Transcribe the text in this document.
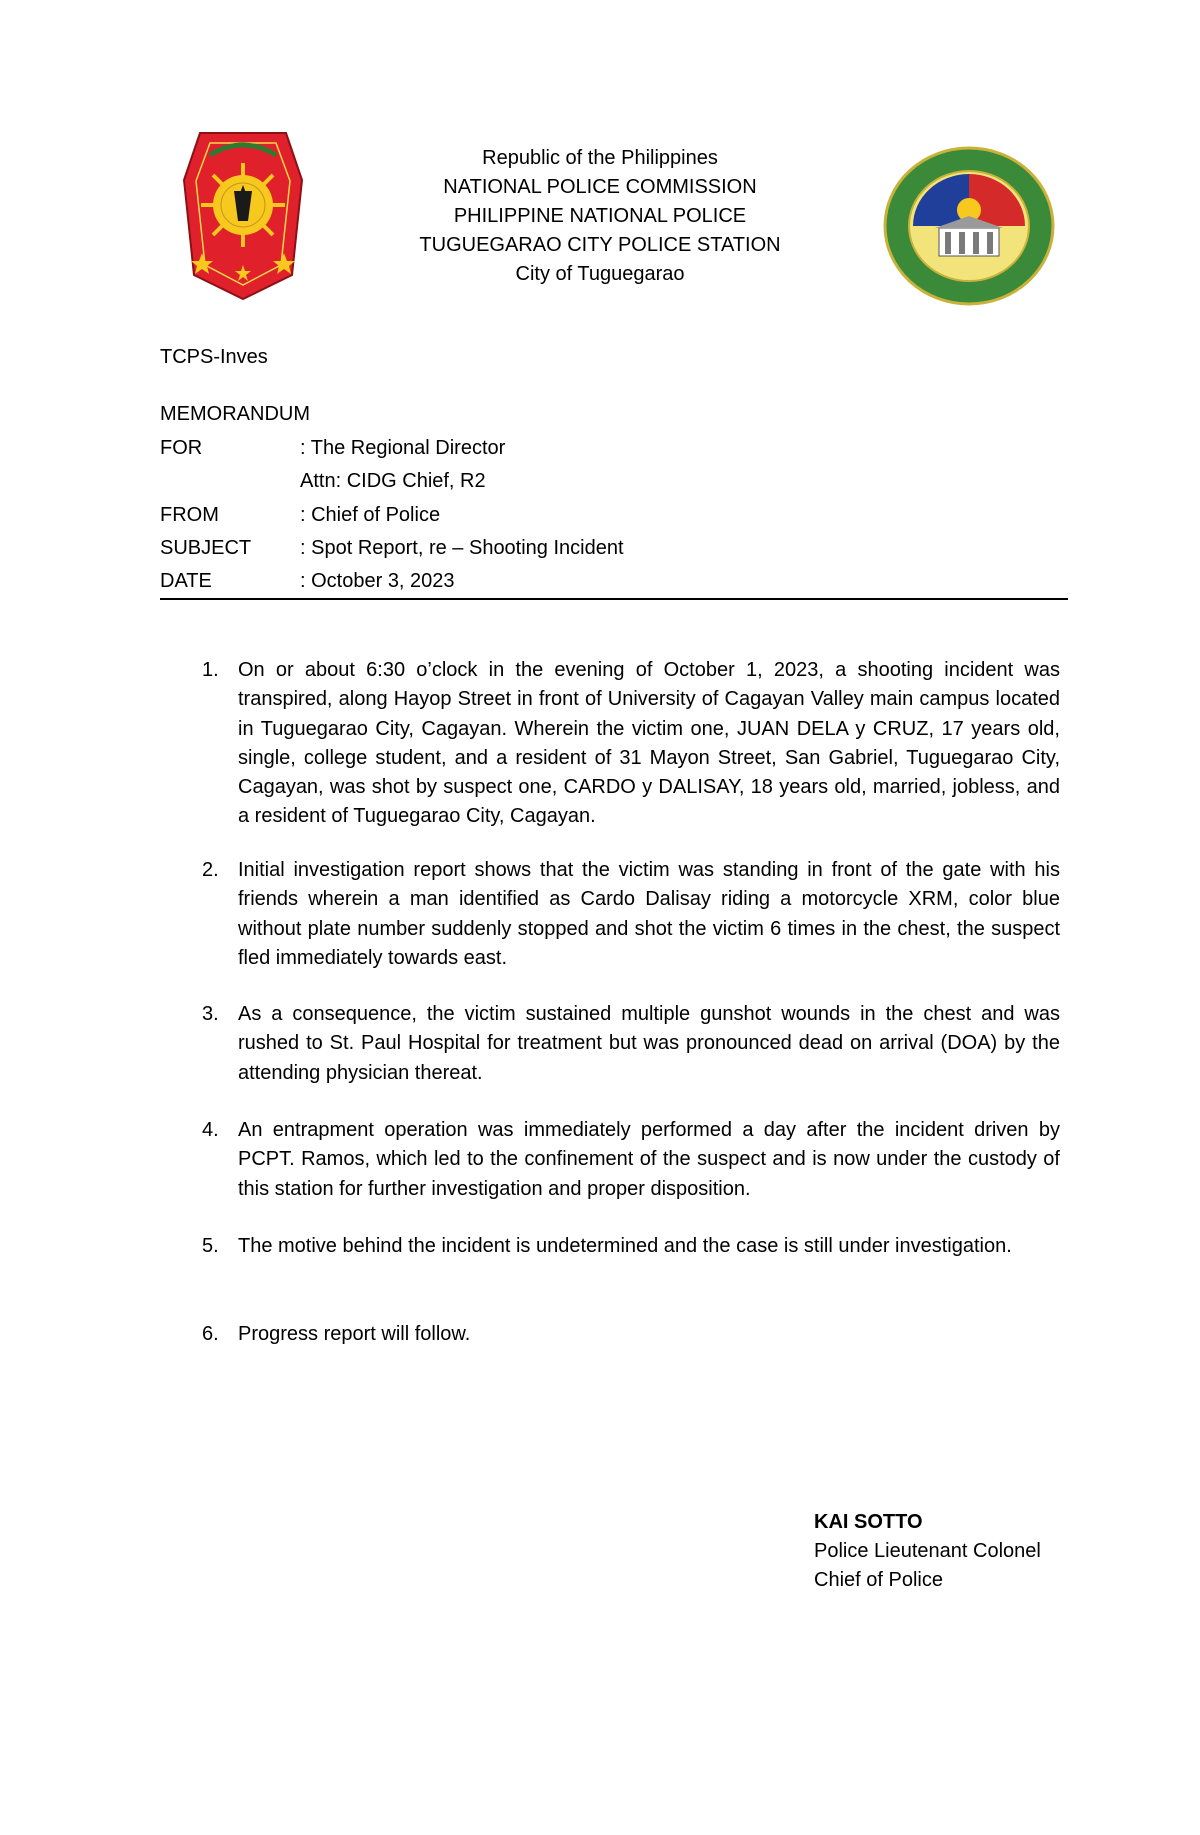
Republic of the Philippines
NATIONAL POLICE COMMISSION
PHILIPPINE NATIONAL POLICE
TUGUEGARAO CITY POLICE STATION
City of Tuguegarao
TCPS-Inves
MEMORANDUM
FOR	: The Regional Director
Attn: CIDG Chief, R2
FROM	: Chief of Police
SUBJECT : Spot Report, re – Shooting Incident
DATE	: October 3, 2023
1. On or about 6:30 o’clock in the evening of October 1, 2023, a shooting incident was transpired, along Hayop Street in front of University of Cagayan Valley main campus located in Tuguegarao City, Cagayan. Wherein the victim one, JUAN DELA y CRUZ, 17 years old, single, college student, and a resident of 31 Mayon Street, San Gabriel, Tuguegarao City, Cagayan, was shot by suspect one, CARDO y DALISAY, 18 years old, married, jobless, and a resident of Tuguegarao City, Cagayan.
2. Initial investigation report shows that the victim was standing in front of the gate with his friends wherein a man identified as Cardo Dalisay riding a motorcycle XRM, color blue without plate number suddenly stopped and shot the victim 6 times in the chest, the suspect fled immediately towards east.
3. As a consequence, the victim sustained multiple gunshot wounds in the chest and was rushed to St. Paul Hospital for treatment but was pronounced dead on arrival (DOA) by the attending physician thereat.
4. An entrapment operation was immediately performed a day after the incident driven by PCPT. Ramos, which led to the confinement of the suspect and is now under the custody of this station for further investigation and proper disposition.
5. The motive behind the incident is undetermined and the case is still under investigation.
6. Progress report will follow.
KAI SOTTO
Police Lieutenant Colonel
Chief of Police
